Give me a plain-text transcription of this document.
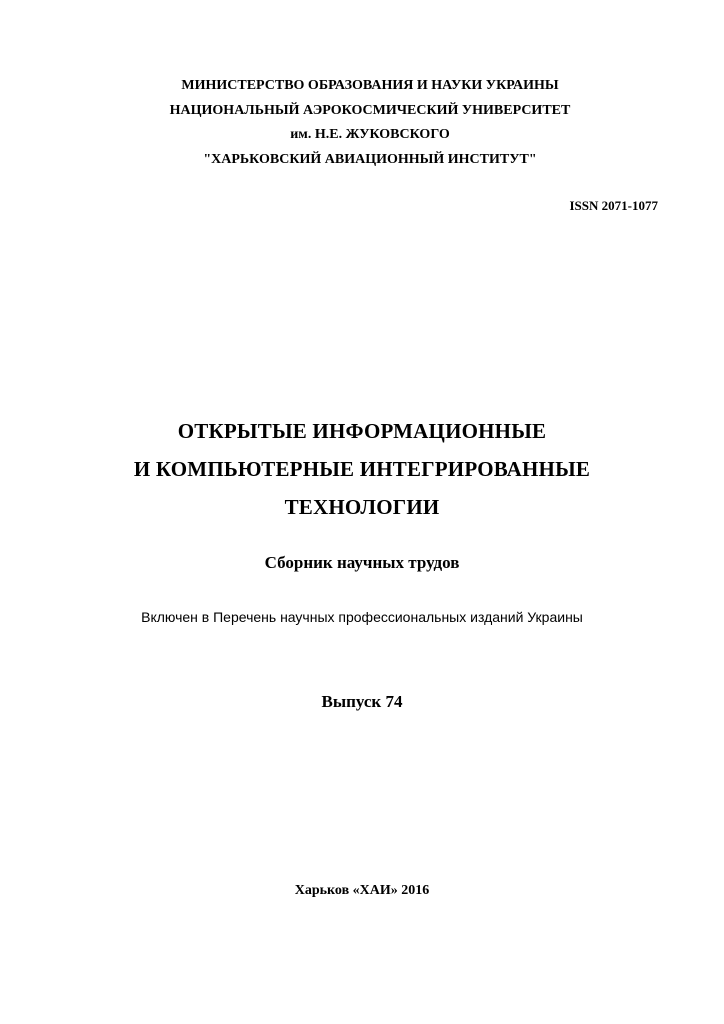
МИНИСТЕРСТВО ОБРАЗОВАНИЯ И НАУКИ УКРАИНЫ
НАЦИОНАЛЬНЫЙ АЭРОКОСМИЧЕСКИЙ УНИВЕРСИТЕТ
им. Н.Е. ЖУКОВСКОГО
"ХАРЬКОВСКИЙ АВИАЦИОННЫЙ ИНСТИТУТ"
ISSN 2071-1077
ОТКРЫТЫЕ ИНФОРМАЦИОННЫЕ
И КОМПЬЮТЕРНЫЕ ИНТЕГРИРОВАННЫЕ
ТЕХНОЛОГИИ
Сборник научных трудов
Включен в Перечень научных профессиональных изданий Украины
Выпуск 74
Харьков «ХАИ» 2016
